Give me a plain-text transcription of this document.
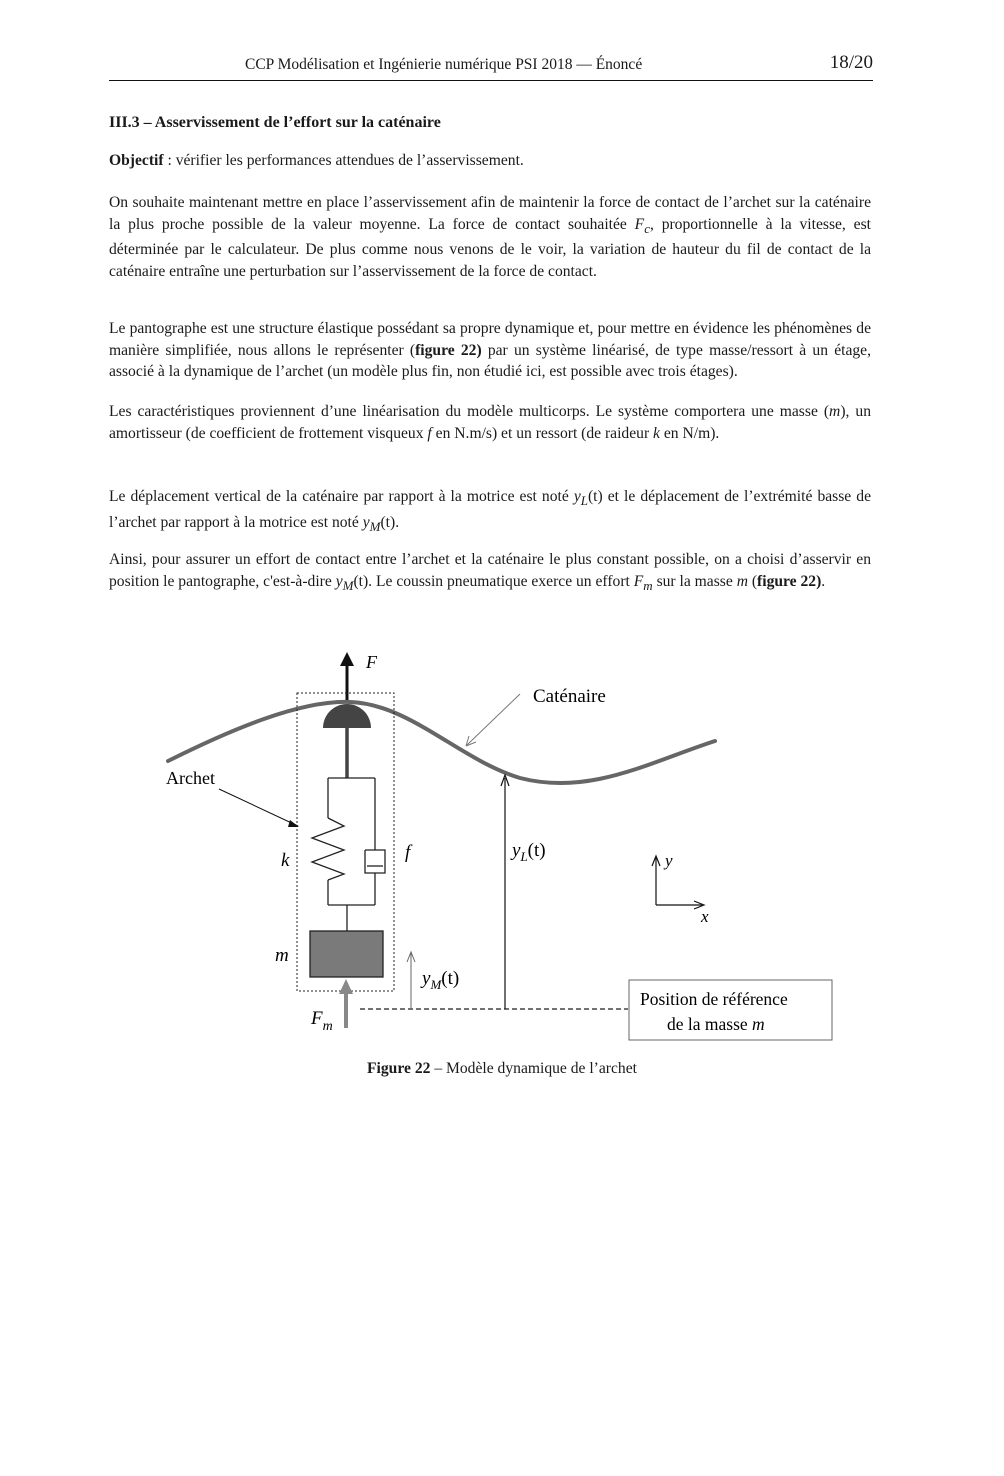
CCP Modélisation et Ingénierie numérique PSI 2018 — Énoncé	18/20
III.3 – Asservissement de l’effort sur la caténaire

Objectif : vérifier les performances attendues de l’asservissement.

On souhaite maintenant mettre en place l’asservissement afin de maintenir la force de contact de l’archet sur la caténaire la plus proche possible de la valeur moyenne. La force de contact souhaitée $F_c$, proportionnelle à la vitesse, est déterminée par le calculateur. De plus comme nous venons de le voir, la variation de hauteur du fil de contact de la caténaire entraîne une perturbation sur l’asservissement de la force de contact.

Le pantographe est une structure élastique possédant sa propre dynamique et, pour mettre en évidence les phénomènes de manière simplifiée, nous allons le représenter (figure 22) par un système linéarisé, de type masse/ressort à un étage, associé à la dynamique de l’archet (un modèle plus fin, non étudié ici, est possible avec trois étages).

Les caractéristiques proviennent d’une linéarisation du modèle multicorps. Le système comportera une masse (m), un amortisseur (de coefficient de frottement visqueux f en N.m/s) et un ressort (de raideur k en N/m).

Le déplacement vertical de la caténaire par rapport à la motrice est noté $y_L(t)$ et le déplacement de l’extrémité basse de l’archet par rapport à la motrice est noté $y_M(t)$.

Ainsi, pour assurer un effort de contact entre l’archet et la caténaire le plus constant possible, on a choisi d’asservir en position le pantographe, c'est-à-dire $y_M(t)$. Le coussin pneumatique exerce un effort $F_m$ sur la masse m (figure 22).

F
k	f
m
$F_m$
Archet
Caténaire
$y_M(t)$
$y_L(t)$	y
x
Position de référence
de la masse m
Figure 22 – Modèle dynamique de l’archet
